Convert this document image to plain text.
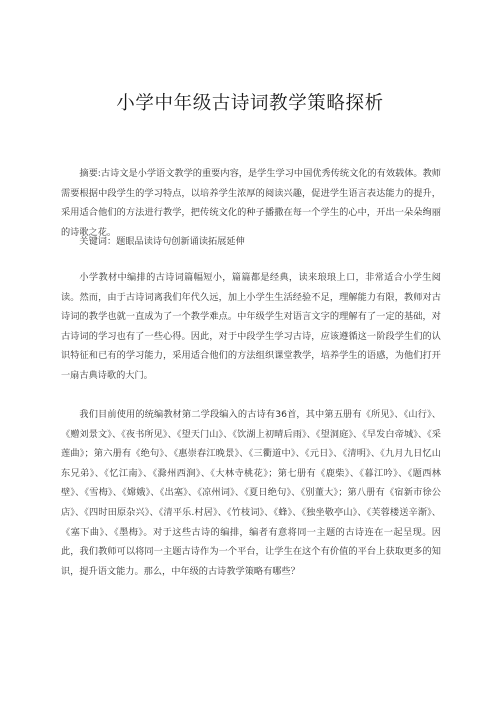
小学中年级古诗词教学策略探析

摘要:古诗文是小学语文教学的重要内容，是学生学习中国优秀传统文化的有效载体。教师需要根据中段学生的学习特点，以培养学生浓厚的阅读兴趣，促进学生语言表达能力的提升，采用适合他们的方法进行教学，把传统文化的种子播撒在每一个学生的心中，开出一朵朵绚丽的诗歌之花。

关键词：题眼品读诗句创新诵读拓展延伸

小学教材中编排的古诗词篇幅短小，篇篇都是经典，读来琅琅上口，非常适合小学生阅读。然而，由于古诗词离我们年代久远，加上小学生生活经验不足，理解能力有限，教师对古诗词的教学也就一直成为了一个教学难点。中年级学生对语言文字的理解有了一定的基础，对古诗词的学习也有了一些心得。因此，对于中段学生学习古诗，应该遵循这一阶段学生们的认识特征和已有的学习能力，采用适合他们的方法组织课堂教学，培养学生的语感，为他们打开一扇古典诗歌的大门。

我们目前使用的统编教材第二学段编入的古诗有36首，其中第五册有《所见》、《山行》、《赠刘景文》、《夜书所见》、《望天门山》、《饮湖上初晴后雨》、《望洞庭》、《早发白帝城》、《采莲曲》；第六册有《绝句》、《惠崇春江晚景》、《三衢道中》、《元日》、《清明》、《九月九日忆山东兄弟》、《忆江南》、《滁州西涧》、《大林寺桃花》；第七册有《鹿柴》、《暮江吟》、《题西林壁》、《雪梅》、《嫦娥》、《出塞》、《凉州词》、《夏日绝句》、《别董大》；第八册有《宿新市徐公店》、《四时田原杂兴》、《清平乐.村居》、《竹枝词》、《蜂》、《独坐敬亭山》、《芙蓉楼送辛渐》、《塞下曲》、《墨梅》。对于这些古诗的编排，编者有意将同一主题的古诗连在一起呈现。因此，我们教师可以将同一主题古诗作为一个平台，让学生在这个有价值的平台上获取更多的知识，提升语文能力。那么，中年级的古诗教学策略有哪些？
